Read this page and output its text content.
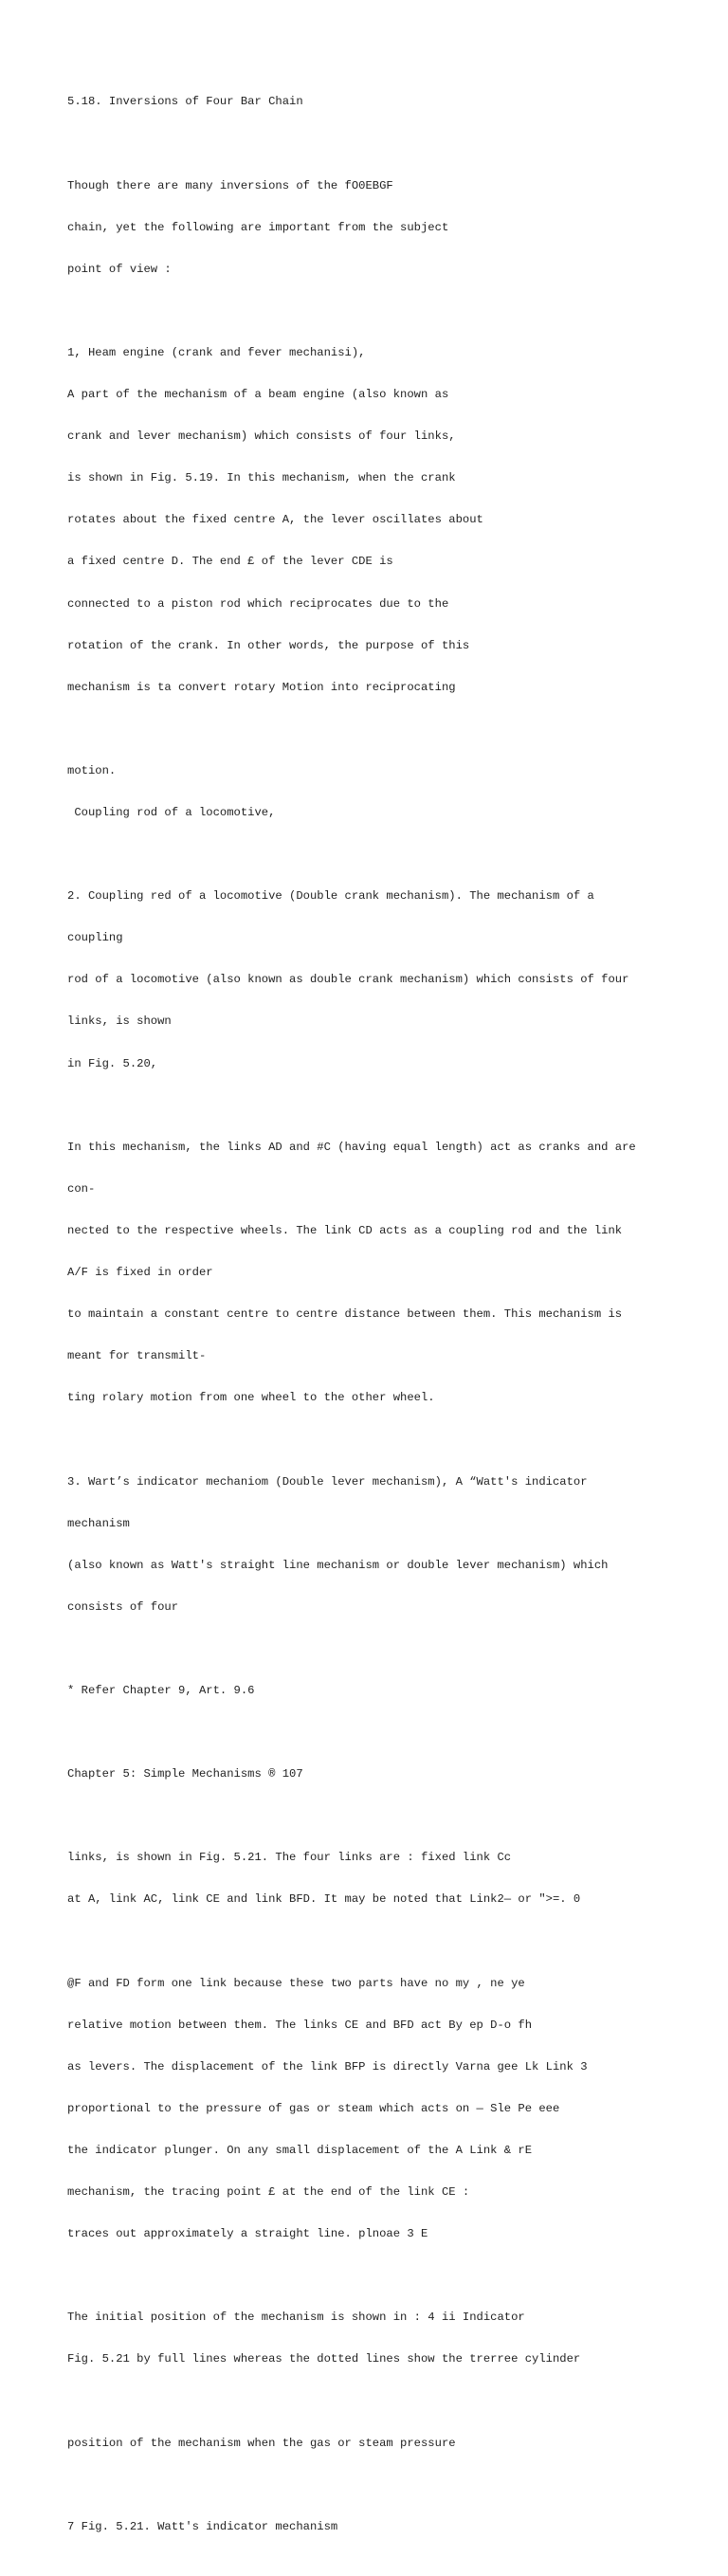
5.18. Inversions of Four Bar Chain

Though there are many inversions of the fO0EBGF

chain, yet the following are important from the subject

point of view :

1, Heam engine (crank and fever mechanisi),

A part of the mechanism of a beam engine (also known as

crank and lever mechanism) which consists of four links,

is shown in Fig. 5.19. In this mechanism, when the crank

rotates about the fixed centre A, the lever oscillates about

a fixed centre D. The end £ of the lever CDE is

connected to a piston rod which reciprocates due to the

rotation of the crank. In other words, the purpose of this

mechanism is ta convert rotary Motion into reciprocating

motion.

Coupling rod of a locomotive,

2. Coupling red of a locomotive (Double crank mechanism). The mechanism of a

coupling

rod of a locomotive (also known as double crank mechanism) which consists of four

links, is shown

in Fig. 5.20,

In this mechanism, the links AD and #C (having equal length) act as cranks and are

con-

nected to the respective wheels. The link CD acts as a coupling rod and the link

A/F is fixed in order

to maintain a constant centre to centre distance between them. This mechanism is

meant for transmilt-

ting rolary motion from one wheel to the other wheel.

3. Wart’s indicator mechaniom (Double lever mechanism), A “Watt's indicator

mechanism

(also known as Watt's straight line mechanism or double lever mechanism) which

consists of four

* Refer Chapter 9, Art. 9.6

Chapter 5: Simple Mechanisms ® 107

links, is shown in Fig. 5.21. The four links are : fixed link Cc

at A, link AC, link CE and link BFD. It may be noted that Link2— or ">=. 0

@F and FD form one link because these two parts have no my , ne ye

relative motion between them. The links CE and BFD act By ep D-o fh

as levers. The displacement of the link BFP is directly Varna gee Lk Link 3

proportional to the pressure of gas or steam which acts on — Sle Pe eee

the indicator plunger. On any small displacement of the A Link & rE

mechanism, the tracing point £ at the end of the link CE :

traces out approximately a straight line. plnoae 3 E

The initial position of the mechanism is shown in : 4 ii Indicator

Fig. 5.21 by full lines whereas the dotted lines show the trerree cylinder

position of the mechanism when the gas or steam pressure

7 Fig. 5.21. Watt's indicator mechanism
